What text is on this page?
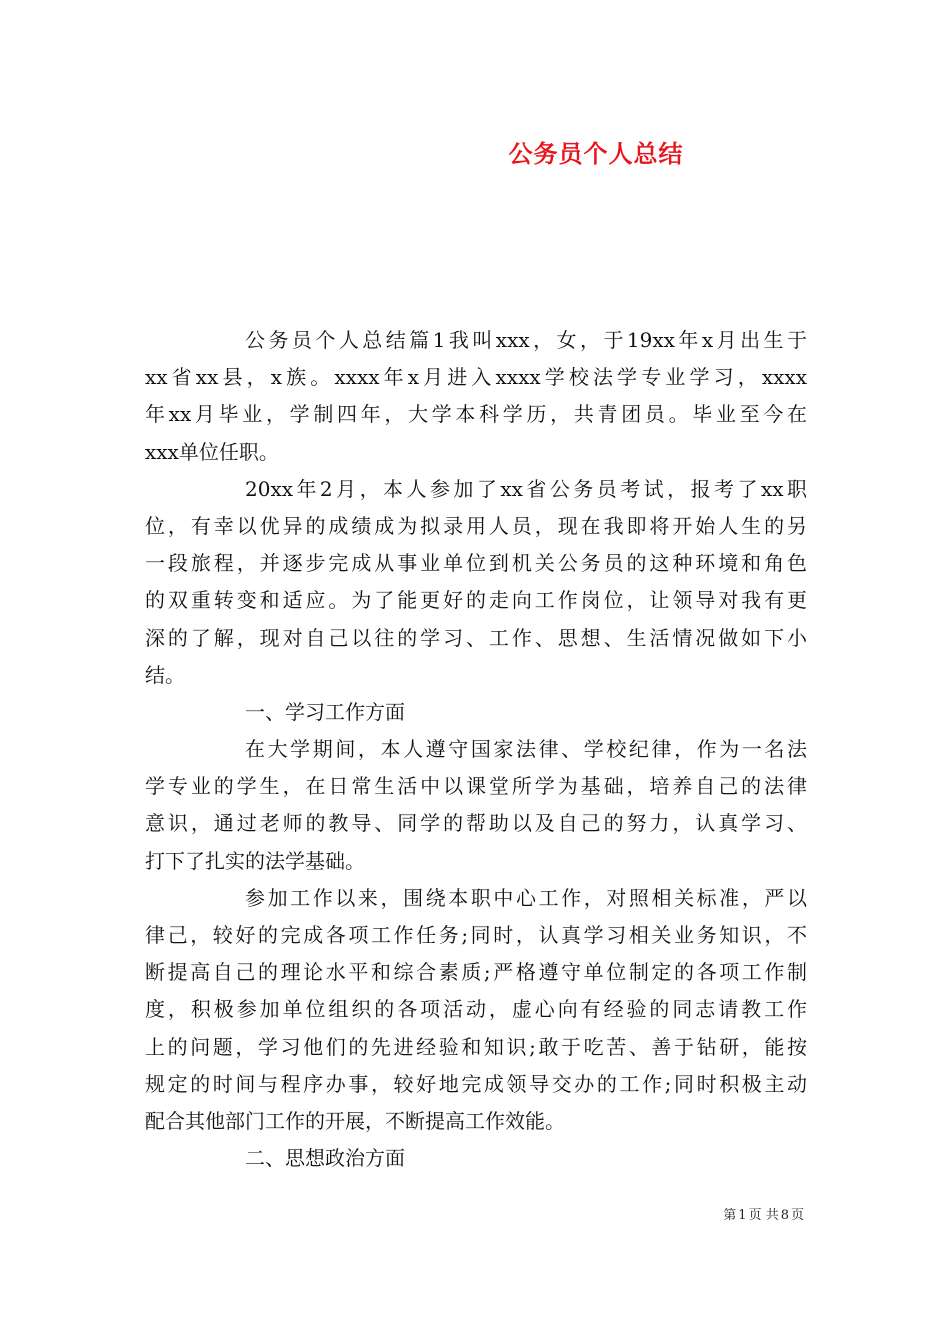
公务员个人总结
公务员个人总结篇1我叫xxx，女，于19xx年x月出生于
xx省xx县，x族。xxxx年x月进入xxxx学校法学专业学习，xxxx
年xx月毕业，学制四年，大学本科学历，共青团员。毕业至今在
xxx单位任职。
20xx年2月，本人参加了xx省公务员考试，报考了xx职
位，有幸以优异的成绩成为拟录用人员，现在我即将开始人生的另
一段旅程，并逐步完成从事业单位到机关公务员的这种环境和角色
的双重转变和适应。为了能更好的走向工作岗位，让领导对我有更
深的了解，现对自己以往的学习、工作、思想、生活情况做如下小
结。
一、学习工作方面
在大学期间，本人遵守国家法律、学校纪律，作为一名法
学专业的学生，在日常生活中以课堂所学为基础，培养自己的法律
意识，通过老师的教导、同学的帮助以及自己的努力，认真学习、
打下了扎实的法学基础。
参加工作以来，围绕本职中心工作，对照相关标准，严以
律己，较好的完成各项工作任务;同时，认真学习相关业务知识，不
断提高自己的理论水平和综合素质;严格遵守单位制定的各项工作制
度，积极参加单位组织的各项活动，虚心向有经验的同志请教工作
上的问题，学习他们的先进经验和知识;敢于吃苦、善于钻研，能按
规定的时间与程序办事，较好地完成领导交办的工作;同时积极主动
配合其他部门工作的开展，不断提高工作效能。
二、思想政治方面
第 1 页 共 8 页
